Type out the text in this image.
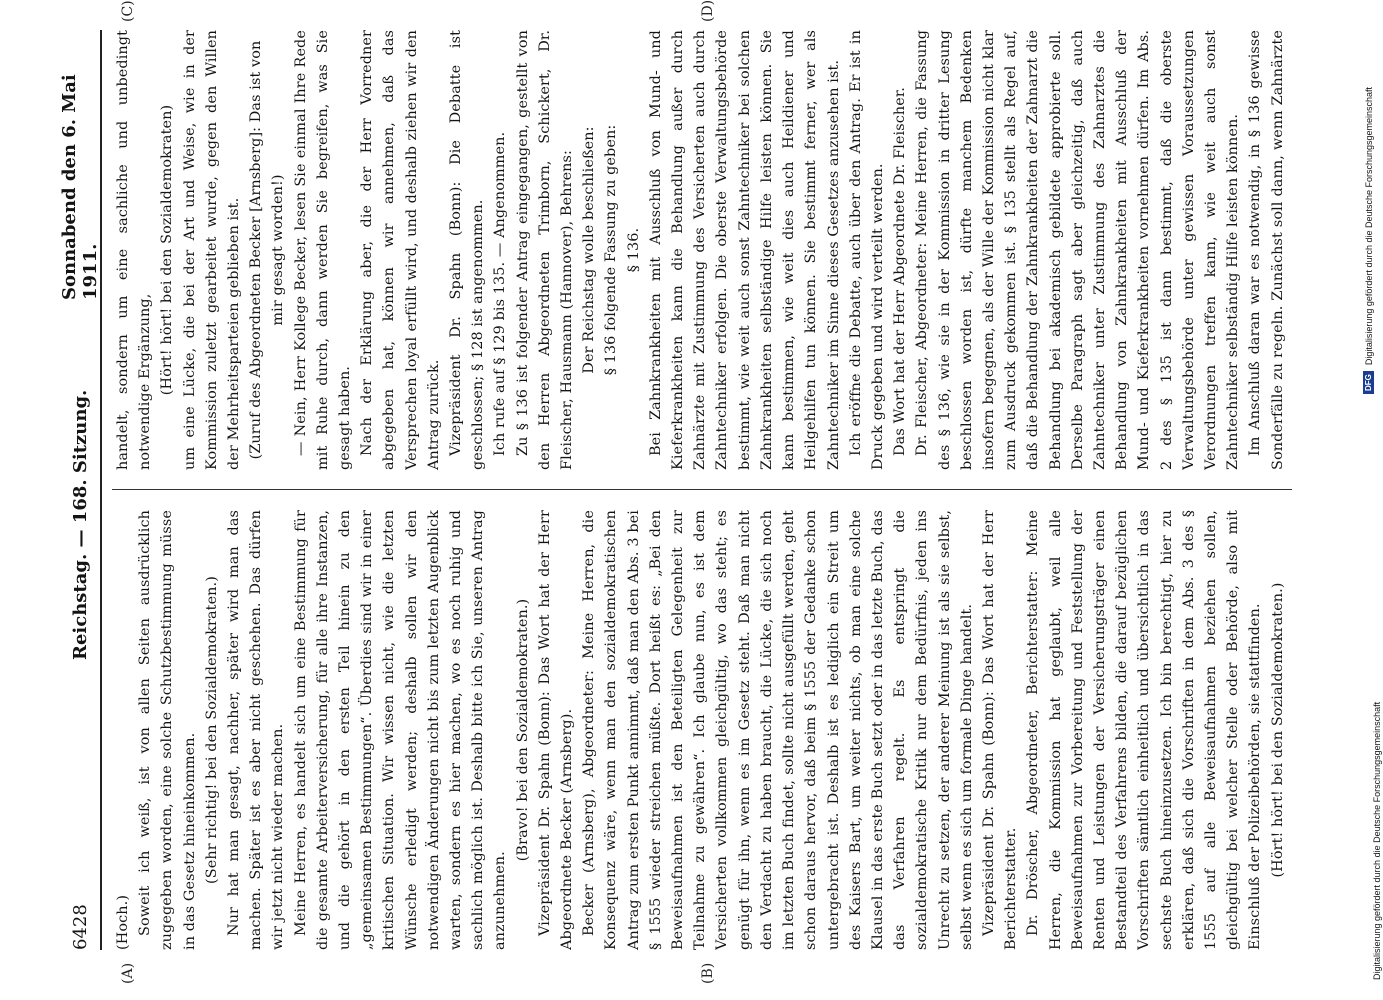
6428
Reichstag. — 168. Sitzung.
Sonnabend den 6. Mai 1911.
(A)	(B)
(C)	(D)

(Hoch.) Soweit ich weiß, ist von allen Seiten ausdrücklich zugegeben worden, eine solche Schutzbestimmung müsse in das Gesetz hineinkommen. (Sehr richtig! bei den Sozialdemokraten.) Nur hat man gesagt, nachher, später wird man das machen. Später ist es aber nicht geschehen. Das dürfen wir jetzt nicht wieder machen. Meine Herren, es handelt sich um eine Bestimmung für die gesamte Arbeiterversicherung, für alle ihre Instanzen, und die gehört in den ersten Teil hinein zu den „gemeinsamen Bestimmungen“. Überdies sind wir in einer kritischen Situation. Wir wissen nicht, wie die letzten Wünsche erledigt werden; deshalb sollen wir den notwendigen Änderungen nicht bis zum letzten Augenblick warten, sondern es hier machen, wo es noch ruhig und sachlich möglich ist. Deshalb bitte ich Sie, unseren Antrag anzunehmen.

(Bravo! bei den Sozialdemokraten.) Vizepräsident Dr. Spahn (Bonn): Das Wort hat der Herr Abgeordnete Becker (Arnsberg). Becker (Arnsberg), Abgeordneter: Meine Herren, die Konsequenz wäre, wenn man den sozialdemokratischen Antrag zum ersten Punkt annimmt, daß man den Abs. 3 bei § 1555 wieder streichen müßte. Dort heißt es: „Bei den Beweisaufnahmen ist den Beteiligten Gelegenheit zur Teilnahme zu gewähren“. Ich glaube nun, es ist dem Versicherten vollkommen gleichgültig, wo das steht; es genügt für ihn, wenn es im Gesetz steht. Daß man nicht den Verdacht zu haben braucht, die Lücke, die sich noch im letzten Buch findet, sollte nicht ausgefüllt werden, geht schon daraus hervor, daß beim § 1555 der Gedanke schon untergebracht ist. Deshalb ist es lediglich ein Streit um des Kaisers Bart, um weiter nichts, ob man eine solche Klausel in das erste Buch setzt oder in das letzte Buch, das das Verfahren regelt. Es entspringt die sozialdemokratische Kritik nur dem Bedürfnis, jeden ins Unrecht zu setzen, der anderer Meinung ist als sie selbst, selbst wenn es sich um formale Dinge handelt. Vizepräsident Dr. Spahn (Bonn): Das Wort hat der Herr Berichterstatter. Dr. Dröscher, Abgeordneter, Berichterstatter: Meine Herren, die Kommission hat geglaubt, weil alle Beweisaufnahmen zur Vorbereitung und Feststellung der Renten und Leistungen der Versicherungsträger einen Bestandteil des Verfahrens bilden, die darauf bezüglichen Vorschriften sämtlich einheitlich und übersichtlich in das sechste Buch hineinzusetzen. Ich bin berechtigt, hier zu erklären, daß sich die Vorschriften in dem Abs. 3 des § 1555 auf alle Beweisaufnahmen beziehen sollen, gleichgültig bei welcher Stelle oder Behörde, also mit Einschluß der Polizeibehörden, sie stattfinden. (Hört! hört! bei den Sozialdemokraten.)

handelt, sondern um eine sachliche und unbedingt notwendige Ergänzung, (Hört! hört! bei den Sozialdemokraten) um eine Lücke, die bei der Art und Weise, wie in der Kommission zuletzt gearbeitet wurde, gegen den Willen der Mehrheitsparteien geblieben ist. (Zuruf des Abgeordneten Becker [Arnsberg]: Das ist von mir gesagt worden!) — Nein, Herr Kollege Becker, lesen Sie einmal Ihre Rede mit Ruhe durch, dann werden Sie begreifen, was Sie gesagt haben. Nach der Erklärung aber, die der Herr Vorredner abgegeben hat, können wir annehmen, daß das Versprechen loyal erfüllt wird, und deshalb ziehen wir den Antrag zurück. Vizepräsident Dr. Spahn (Bonn): Die Debatte ist geschlossen; § 128 ist angenommen. Ich rufe auf § 129 bis 135. — Angenommen. Zu § 136 ist folgender Antrag eingegangen, gestellt von den Herren Abgeordneten Trimborn, Schickert, Dr. Fleischer, Hausmann (Hannover), Behrens: Der Reichstag wolle beschließen: § 136 folgende Fassung zu geben: § 136. Bei Zahnkrankheiten mit Ausschluß von Mund- und Kieferkrankheiten kann die Behandlung außer durch Zahnärzte mit Zustimmung des Versicherten auch durch Zahntechniker erfolgen. Die oberste Verwaltungsbehörde bestimmt, wie weit auch sonst Zahntechniker bei solchen Zahnkrankheiten selbständige Hilfe leisten können. Sie kann bestimmen, wie weit dies auch Heildiener und Heilgehilfen tun können. Sie bestimmt ferner, wer als Zahntechniker im Sinne dieses Gesetzes anzusehen ist. Ich eröffne die Debatte, auch über den Antrag. Er ist in Druck gegeben und wird verteilt werden. Das Wort hat der Herr Abgeordnete Dr. Fleischer. Dr. Fleischer, Abgeordneter: Meine Herren, die Fassung des § 136, wie sie in der Kommission in dritter Lesung beschlossen worden ist, dürfte manchem Bedenken insofern begegnen, als der Wille der Kommission nicht klar zum Ausdruck gekommen ist. § 135 stellt als Regel auf, daß die Behandlung der Zahnkrankheiten der Zahnarzt die Behandlung bei akademisch gebildete approbierte soll. Derselbe Paragraph sagt aber gleichzeitig, daß auch Zahntechniker unter Zustimmung des Zahnarztes die Behandlung von Zahnkrankheiten mit Ausschluß der Mund- und Kieferkrankheiten vornehmen dürfen. Im Abs. 2 des § 135 ist dann bestimmt, daß die oberste Verwaltungsbehörde unter gewissen Voraussetzungen Verordnungen treffen kann, wie weit auch sonst Zahntechniker selbständig Hilfe leisten können. Im Anschluß daran war es notwendig, in § 136 gewisse Sonderfälle zu regeln. Zunächst soll dann, wenn Zahnärzte

DFG
Digitalisierung gefördert durch die Deutsche Forschungsgemeinschaft
Digitalisierung gefördert durch die Deutsche Forschungsgemeinschaft
